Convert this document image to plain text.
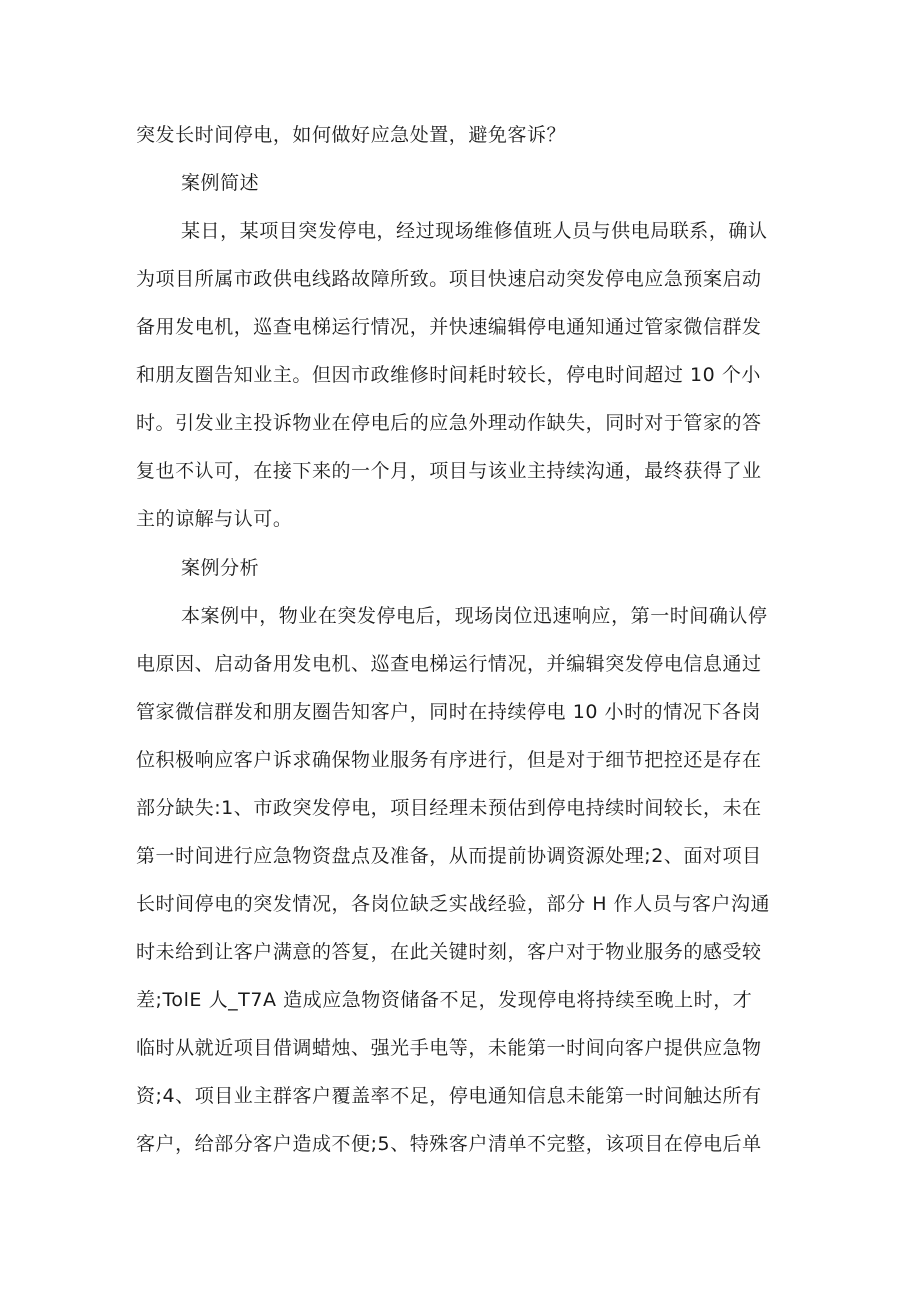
突发长时间停电，如何做好应急处置，避免客诉？
案例简述
某日，某项目突发停电，经过现场维修值班人员与供电局联系，确认
为项目所属市政供电线路故障所致。项目快速启动突发停电应急预案启动
备用发电机，巡查电梯运行情况，并快速编辑停电通知通过管家微信群发
和朋友圈告知业主。但因市政维修时间耗时较长，停电时间超过 10 个小
时。引发业主投诉物业在停电后的应急外理动作缺失，同时对于管家的答
复也不认可，在接下来的一个月，项目与该业主持续沟通，最终获得了业
主的谅解与认可。
案例分析
本案例中，物业在突发停电后，现场岗位迅速响应，第一时间确认停
电原因、启动备用发电机、巡查电梯运行情况，并编辑突发停电信息通过
管家微信群发和朋友圈告知客户，同时在持续停电 10 小时的情况下各岗
位积极响应客户诉求确保物业服务有序进行，但是对于细节把控还是存在
部分缺失:1、市政突发停电，项目经理未预估到停电持续时间较长，未在
第一时间进行应急物资盘点及准备，从而提前协调资源处理;2、面对项目
长时间停电的突发情况，各岗位缺乏实战经验，部分 H 作人员与客户沟通
时未给到让客户满意的答复，在此关键时刻，客户对于物业服务的感受较
差;TolE 人_T7A 造成应急物资储备不足，发现停电将持续至晚上时，才
临时从就近项目借调蜡烛、强光手电等，未能第一时间向客户提供应急物
资;4、项目业主群客户覆盖率不足，停电通知信息未能第一时间触达所有
客户，给部分客户造成不便;5、特殊客户清单不完整，该项目在停电后单
